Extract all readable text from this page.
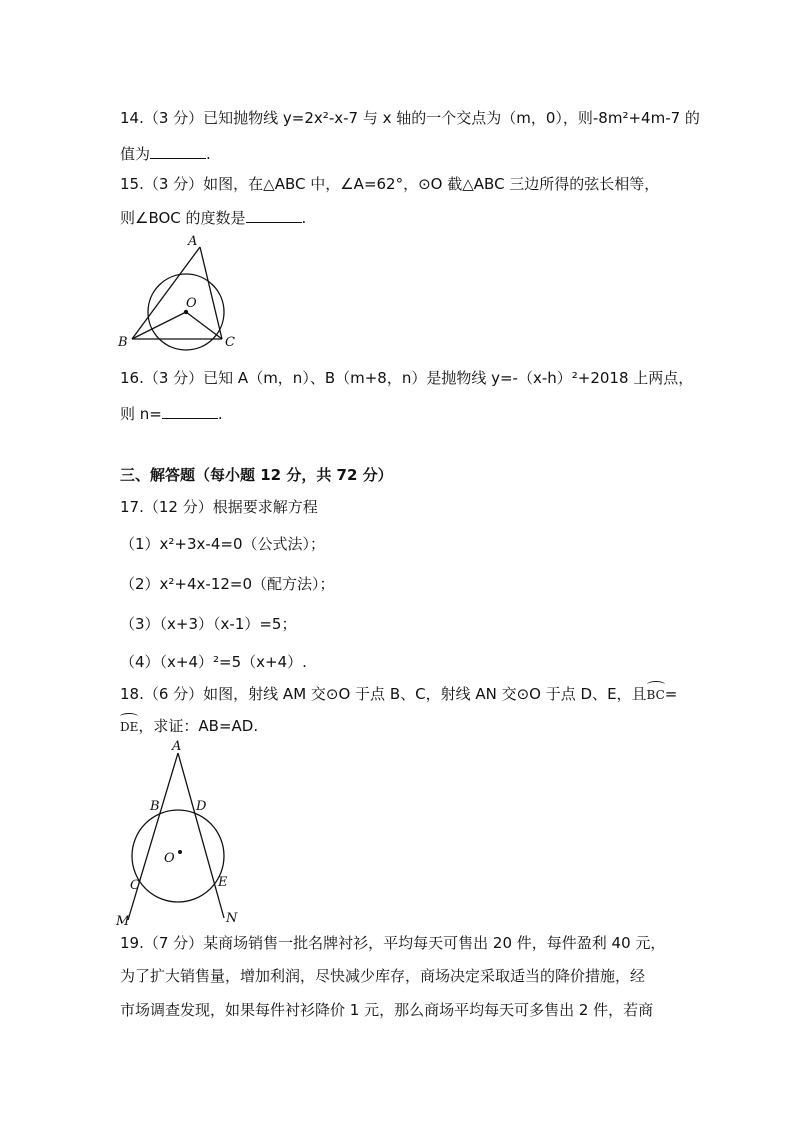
14.（3 分）已知抛物线 y=2x²-x-7 与 x 轴的一个交点为（m，0），则-8m²+4m-7 的
值为	.
15.（3 分）如图，在△ABC 中，∠A=62°，⊙O 截△ABC 三边所得的弦长相等，
则∠BOC 的度数是	.
A
B	C
O
16.（3 分）已知 A（m，n）、B（m+8，n）是抛物线 y=-（x-h）²+2018 上两点，
则 n=	.
三、解答题（每小题 12 分，共 72 分）
17.（12 分）根据要求解方程
（1）x²+3x-4=0（公式法）；
（2）x²+4x-12=0（配方法）；
（3）（x+3）（x-1）=5；
（4）（x+4）²=5（x+4）.
18.（6 分）如图，射线 AM 交⊙O 于点 B、C，射线 AN 交⊙O 于点 D、E，且BC=
DE，求证：AB=AD.
A
B	D
O
C	E
M	N
19.（7 分）某商场销售一批名牌衬衫，平均每天可售出 20 件，每件盈利 40 元，
为了扩大销售量，增加利润，尽快减少库存，商场决定采取适当的降价措施，经
市场调查发现，如果每件衬衫降价 1 元，那么商场平均每天可多售出 2 件，若商
